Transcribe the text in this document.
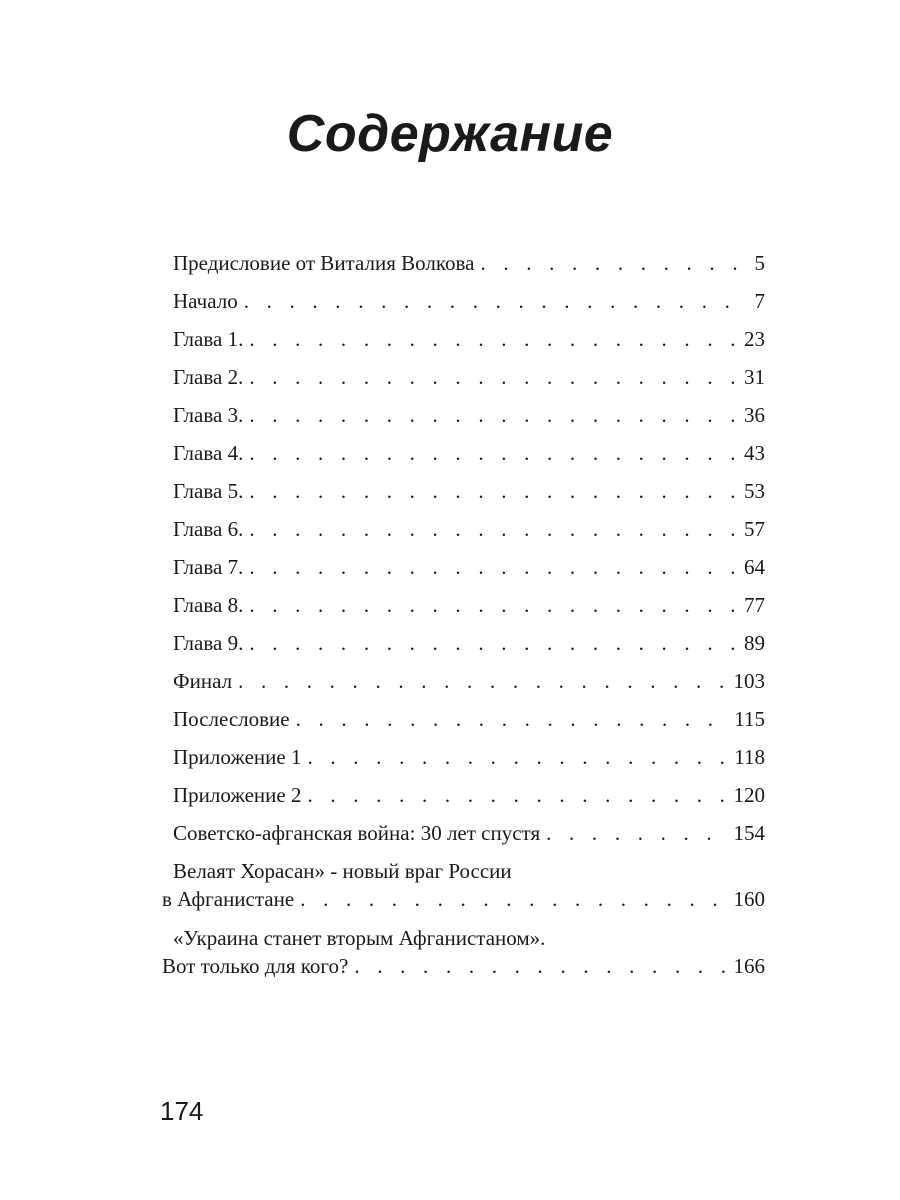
Содержание
Предисловие от Виталия Волкова . . .	5
Начало . . .	7
Глава 1. . . .	23
Глава 2. . . .	31
Глава 3. . . .	36
Глава 4. . . .	43
Глава 5. . . .	53
Глава 6. . . .	57
Глава 7. . . .	64
Глава 8. . . .	77
Глава 9. . . .	89
Финал . . .	103
Послесловие . . .	115
Приложение 1 . . .	118
Приложение 2 . . .	120
Советско-афганская война: 30 лет спустя . . .	154
Велаят Хорасан» - новый враг России
в Афганистане . . .	160
«Украина станет вторым Афганистаном».
Вот только для кого? . . .	166
174
